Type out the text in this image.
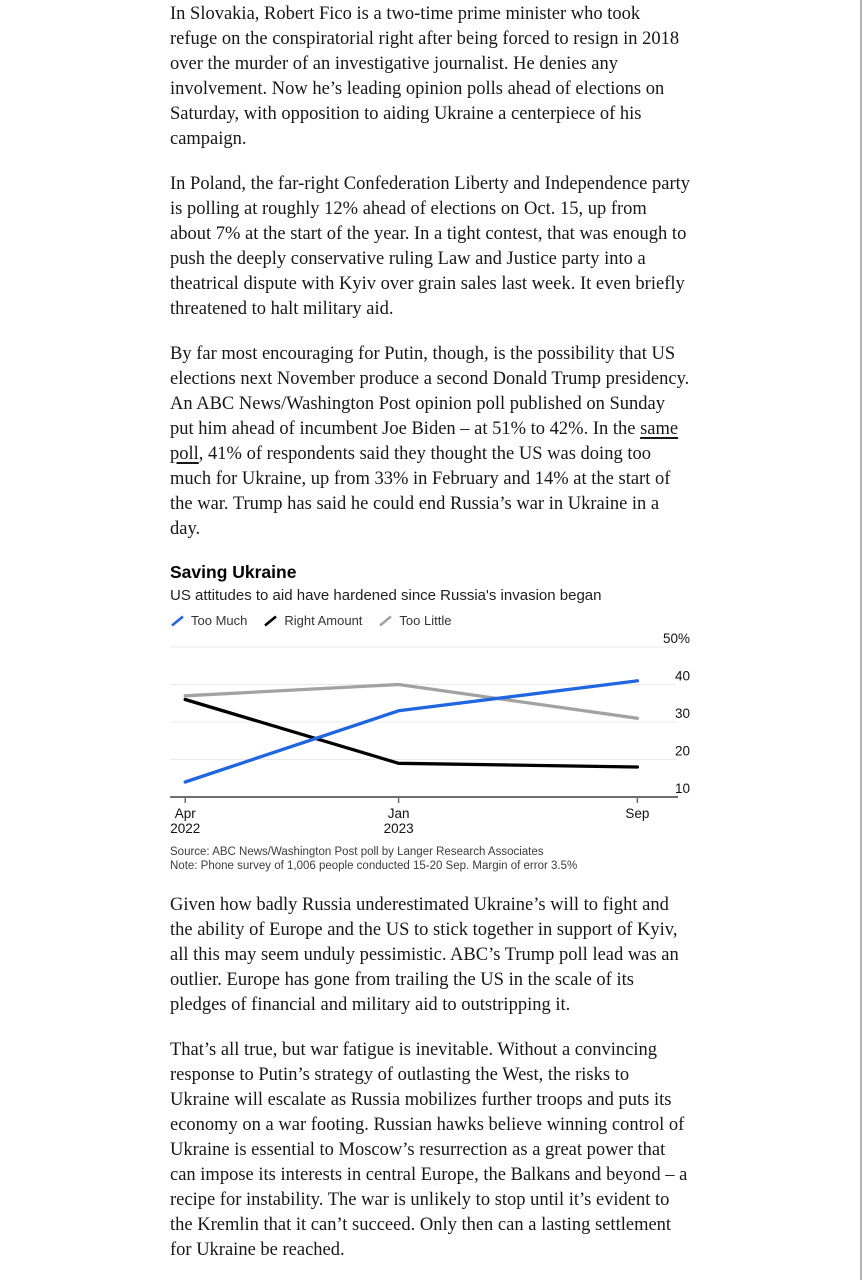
In Slovakia, Robert Fico is a two-time prime minister who took refuge on the conspiratorial right after being forced to resign in 2018 over the murder of an investigative journalist. He denies any involvement. Now he’s leading opinion polls ahead of elections on Saturday, with opposition to aiding Ukraine a centerpiece of his campaign.

In Poland, the far-right Confederation Liberty and Independence party is polling at roughly 12% ahead of elections on Oct. 15, up from about 7% at the start of the year. In a tight contest, that was enough to push the deeply conservative ruling Law and Justice party into a theatrical dispute with Kyiv over grain sales last week. It even briefly threatened to halt military aid.

By far most encouraging for Putin, though, is the possibility that US elections next November produce a second Donald Trump presidency. An ABC News/Washington Post opinion poll published on Sunday put him ahead of incumbent Joe Biden – at 51% to 42%. In the same poll, 41% of respondents said they thought the US was doing too much for Ukraine, up from 33% in February and 14% at the start of the war. Trump has said he could end Russia’s war in Ukraine in a day.

Saving Ukraine
US attitudes to aid have hardened since Russia's invasion began
Too Much	Right Amount	Too Little
10
20
30
40
50%
Apr
2022
Jan
2023
Sep
Source: ABC News/Washington Post poll by Langer Research Associates
Note: Phone survey of 1,006 people conducted 15-20 Sep. Margin of error 3.5%

Given how badly Russia underestimated Ukraine’s will to fight and the ability of Europe and the US to stick together in support of Kyiv, all this may seem unduly pessimistic. ABC’s Trump poll lead was an outlier. Europe has gone from trailing the US in the scale of its pledges of financial and military aid to outstripping it.

That’s all true, but war fatigue is inevitable. Without a convincing response to Putin’s strategy of outlasting the West, the risks to Ukraine will escalate as Russia mobilizes further troops and puts its economy on a war footing. Russian hawks believe winning control of Ukraine is essential to Moscow’s resurrection as a great power that can impose its interests in central Europe, the Balkans and beyond – a recipe for instability. The war is unlikely to stop until it’s evident to the Kremlin that it can’t succeed. Only then can a lasting settlement for Ukraine be reached.
